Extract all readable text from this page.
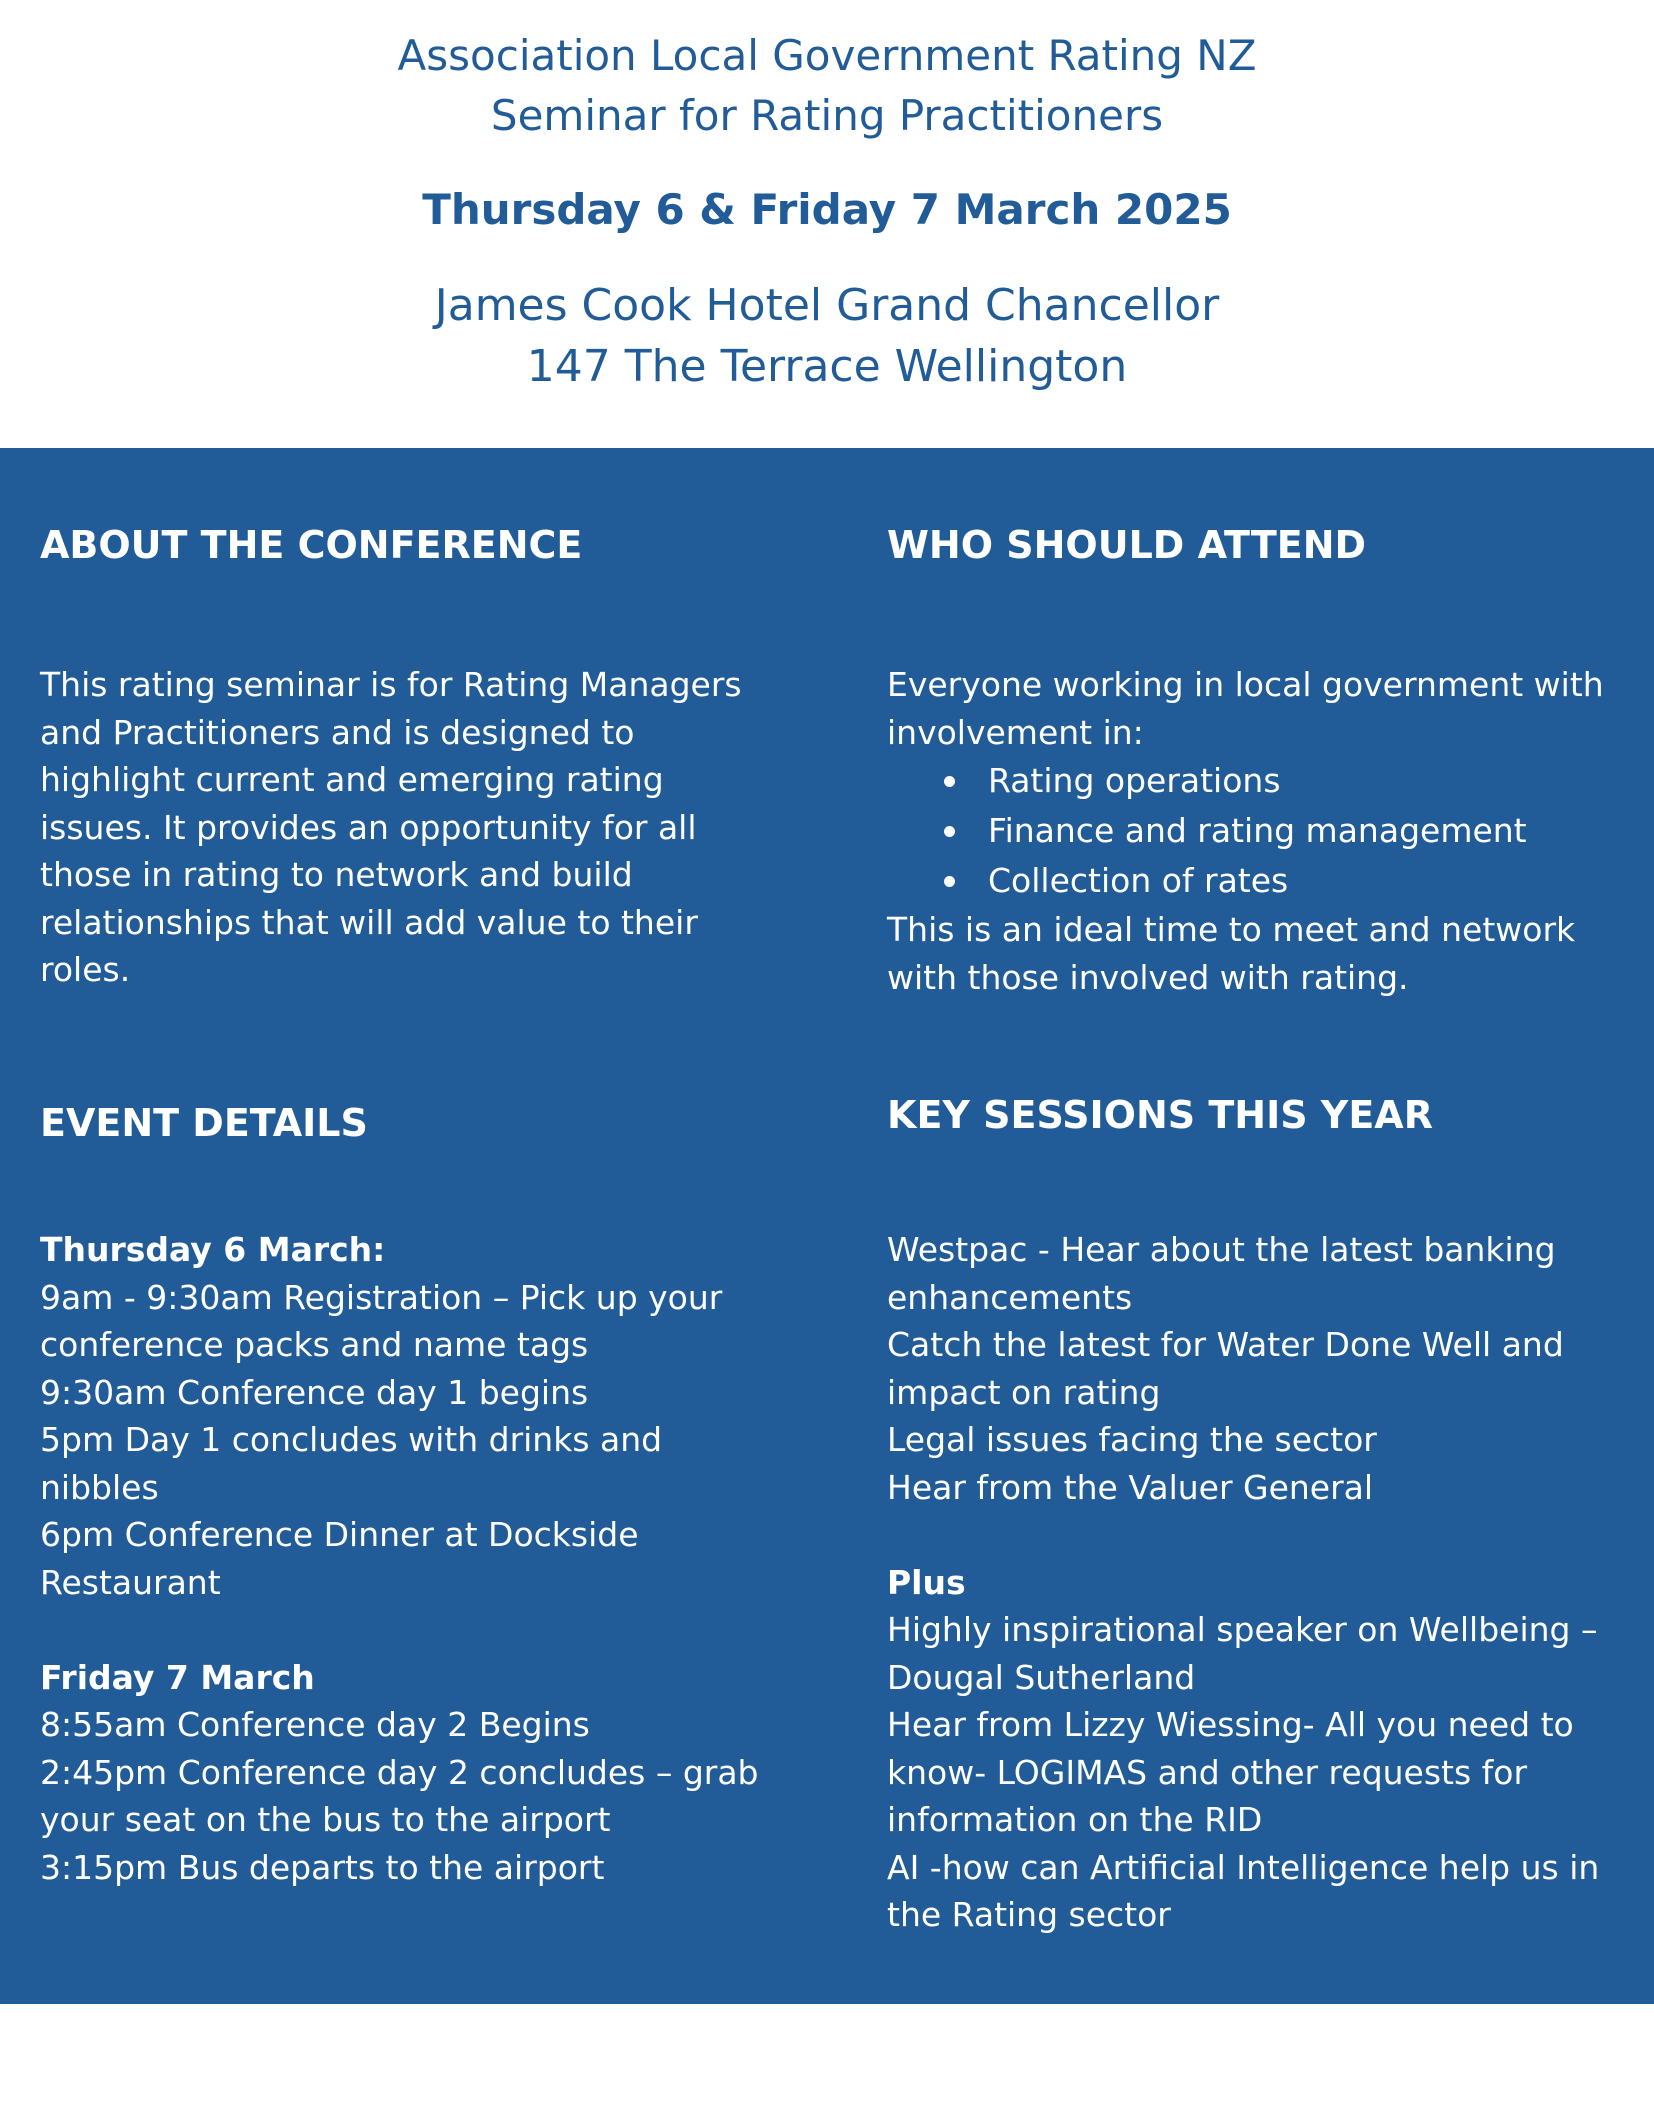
Association Local Government Rating NZ
Seminar for Rating Practitioners
Thursday 6 & Friday 7 March 2025
James Cook Hotel Grand Chancellor
147 The Terrace Wellington
ABOUT THE CONFERENCE
This rating seminar is for Rating Managers
and Practitioners and is designed to
highlight current and emerging rating
issues. It provides an opportunity for all
those in rating to network and build
relationships that will add value to their
roles.
EVENT DETAILS
Thursday 6 March:
9am - 9:30am Registration – Pick up your
conference packs and name tags
9:30am Conference day 1 begins
5pm Day 1 concludes with drinks and
nibbles
6pm Conference Dinner at Dockside
Restaurant
Friday 7 March
8:55am Conference day 2 Begins
2:45pm Conference day 2 concludes – grab
your seat on the bus to the airport
3:15pm Bus departs to the airport
WHO SHOULD ATTEND
Everyone working in local government with
involvement in:
Rating operations
Finance and rating management
Collection of rates
This is an ideal time to meet and network
with those involved with rating.
KEY SESSIONS THIS YEAR
Westpac - Hear about the latest banking
enhancements
Catch the latest for Water Done Well and
impact on rating
Legal issues facing the sector
Hear from the Valuer General
Plus
Highly inspirational speaker on Wellbeing –
Dougal Sutherland
Hear from Lizzy Wiessing- All you need to
know- LOGIMAS and other requests for
information on the RID
AI -how can Artificial Intelligence help us in
the Rating sector
